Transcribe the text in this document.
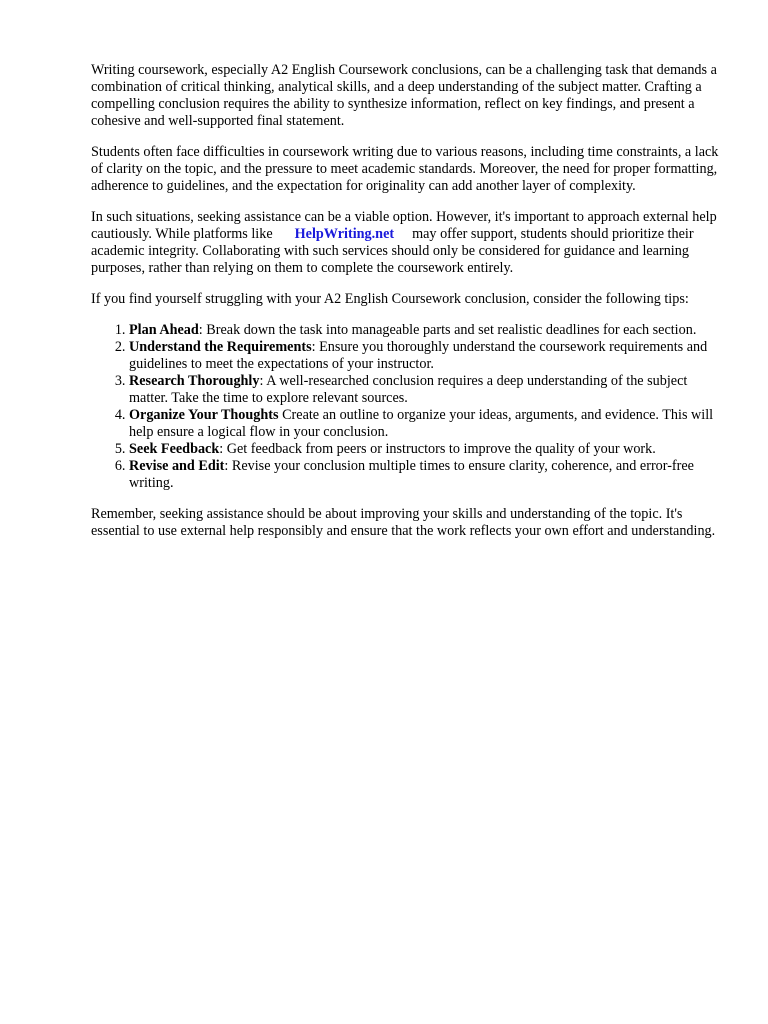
Writing coursework, especially A2 English Coursework conclusions, can be a challenging task that demands a combination of critical thinking, analytical skills, and a deep understanding of the subject matter. Crafting a compelling conclusion requires the ability to synthesize information, reflect on key findings, and present a cohesive and well-supported final statement.

Students often face difficulties in coursework writing due to various reasons, including time constraints, a lack of clarity on the topic, and the pressure to meet academic standards. Moreover, the need for proper formatting, adherence to guidelines, and the expectation for originality can add another layer of complexity.

In such situations, seeking assistance can be a viable option. However, it's important to approach external help cautiously. While platforms like HelpWriting.net may offer support, students should prioritize their academic integrity. Collaborating with such services should only be considered for guidance and learning purposes, rather than relying on them to complete the coursework entirely.

If you find yourself struggling with your A2 English Coursework conclusion, consider the following tips:

1. Plan Ahead: Break down the task into manageable parts and set realistic deadlines for each section.
2. Understand the Requirements: Ensure you thoroughly understand the coursework requirements and guidelines to meet the expectations of your instructor.
3. Research Thoroughly: A well-researched conclusion requires a deep understanding of the subject matter. Take the time to explore relevant sources.
4. Organize Your Thoughts Create an outline to organize your ideas, arguments, and evidence. This will help ensure a logical flow in your conclusion.
5. Seek Feedback: Get feedback from peers or instructors to improve the quality of your work.
6. Revise and Edit: Revise your conclusion multiple times to ensure clarity, coherence, and error-free writing.

Remember, seeking assistance should be about improving your skills and understanding of the topic. It's essential to use external help responsibly and ensure that the work reflects your own effort and understanding.
